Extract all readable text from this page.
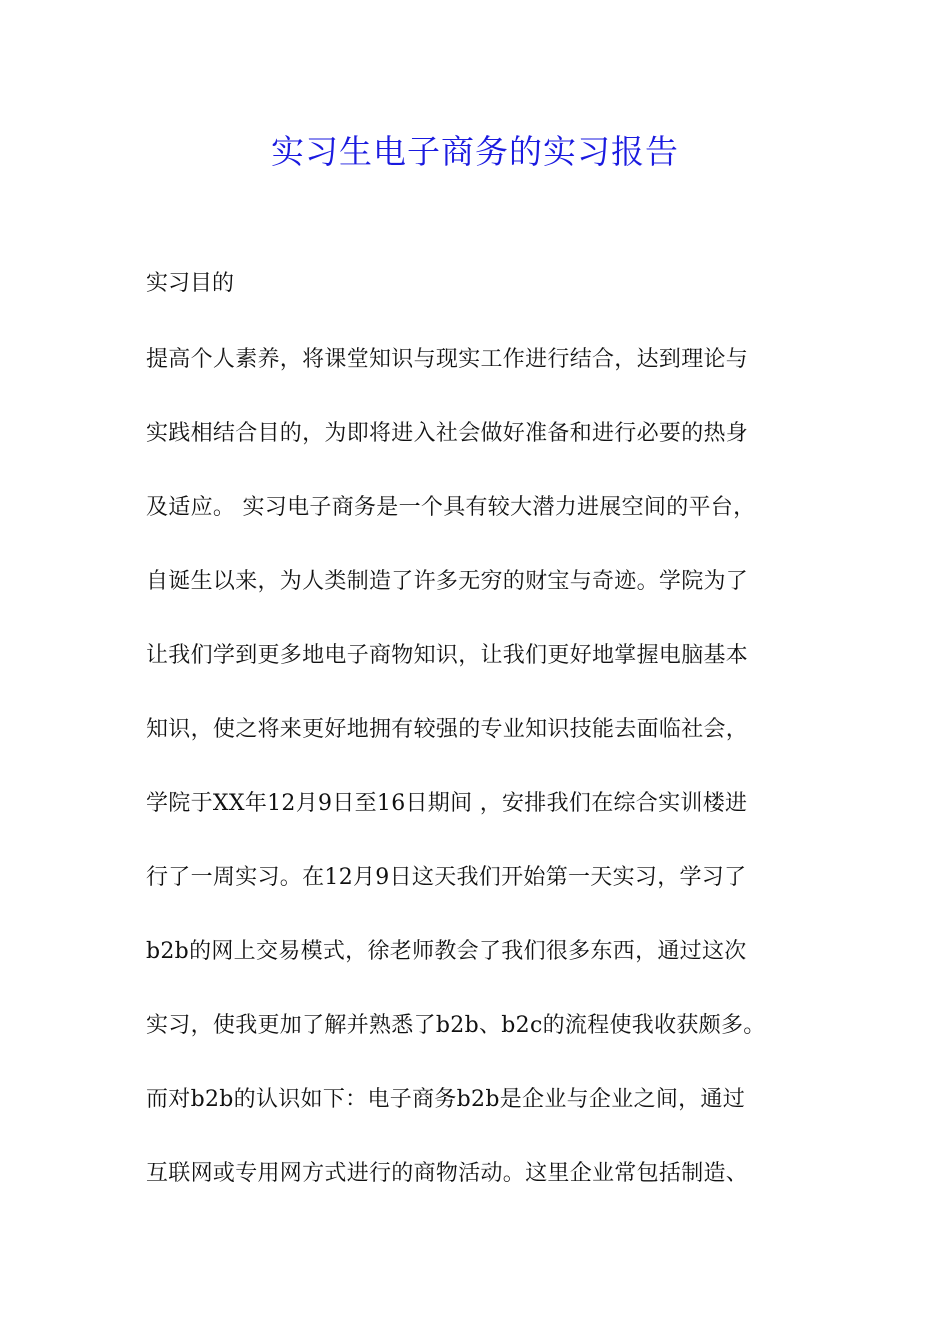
实习生电子商务的实习报告

实习目的

提高个人素养，将课堂知识与现实工作进行结合，达到理论与
实践相结合目的，为即将进入社会做好准备和进行必要的热身
及适应。 实习电子商务是一个具有较大潜力进展空间的平台，
自诞生以来，为人类制造了许多无穷的财宝与奇迹。学院为了
让我们学到更多地电子商物知识，让我们更好地掌握电脑基本
知识，使之将来更好地拥有较强的专业知识技能去面临社会，
学院于XX年12月9日至16日期间 ，安排我们在综合实训楼进
行了一周实习。在12月9日这天我们开始第一天实习，学习了
b2b的网上交易模式，徐老师教会了我们很多东西，通过这次
实习，使我更加了解并熟悉了b2b、b2c的流程使我收获颇多。
而对b2b的认识如下：电子商务b2b是企业与企业之间，通过
互联网或专用网方式进行的商物活动。这里企业常包括制造、
